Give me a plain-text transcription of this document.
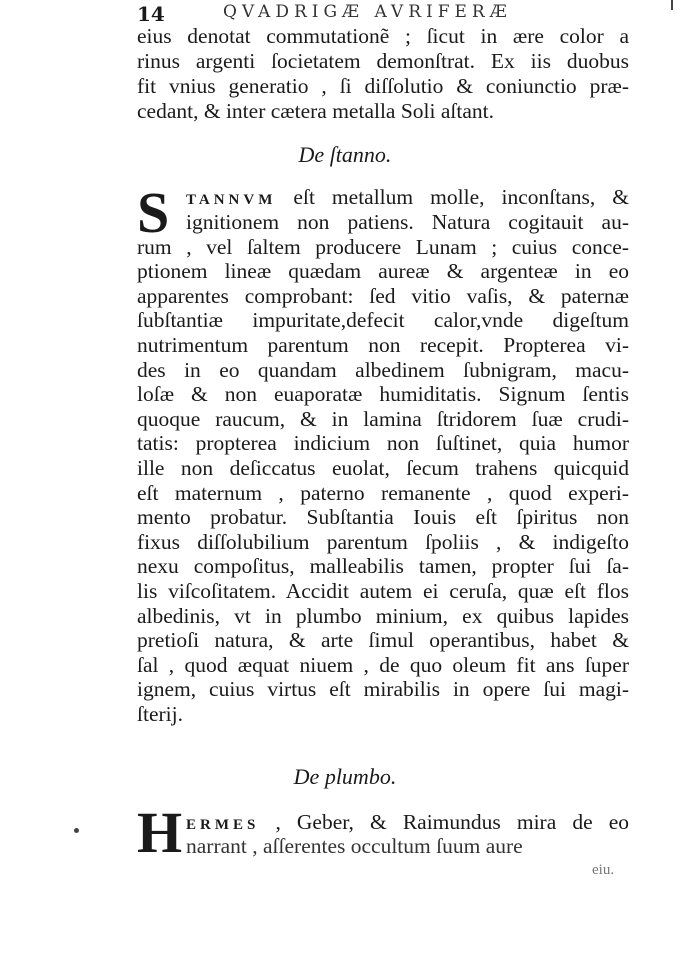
14	QVADRIGÆ AVRIFERÆ
eius denotat commutationẽ ; ſicut in ære color a
rinus argenti ſocietatem demonſtrat. Ex iis duobus
fit vnius generatio , ſi diſſolutio & coniunctio præ-
cedant, & inter cætera metalla Soli aſtant.
De ſtanno.
S TANNVM eſt metallum molle, inconſtans, &
ignitionem non patiens. Natura cogitauit au-
rum , vel ſaltem producere Lunam ; cuius conce-
ptionem lineæ quædam aureæ & argenteæ in eo
apparentes comprobant: ſed vitio vaſis, & paternæ
ſubſtantiæ impuritate,defecit calor,vnde digeſtum
nutrimentum parentum non recepit. Propterea vi-
des in eo quandam albedinem ſubnigram, macu-
loſæ & non euaporatæ humiditatis. Signum ſentis
quoque raucum, & in lamina ſtridorem ſuæ crudi-
tatis: propterea indicium non ſuſtinet, quia humor
ille non deſiccatus euolat, ſecum trahens quicquid
eſt maternum , paterno remanente , quod experi-
mento probatur. Subſtantia Iouis eſt ſpiritus non
fixus diſſolubilium parentum ſpoliis , & indigeſto
nexu compoſitus, malleabilis tamen, propter ſui ſa-
lis viſcoſitatem. Accidit autem ei ceruſa, quæ eſt flos
albedinis, vt in plumbo minium, ex quibus lapides
pretioſi natura, & arte ſimul operantibus, habet &
ſal , quod æquat niuem , de quo oleum fit ans ſuper
ignem, cuius virtus eſt mirabilis in opere ſui magi-
ſterij.
De plumbo.
H ERMES , Geber, & Raimundus mira de eo
narrant , aſſerentes occultum ſuum aure
eiu.
